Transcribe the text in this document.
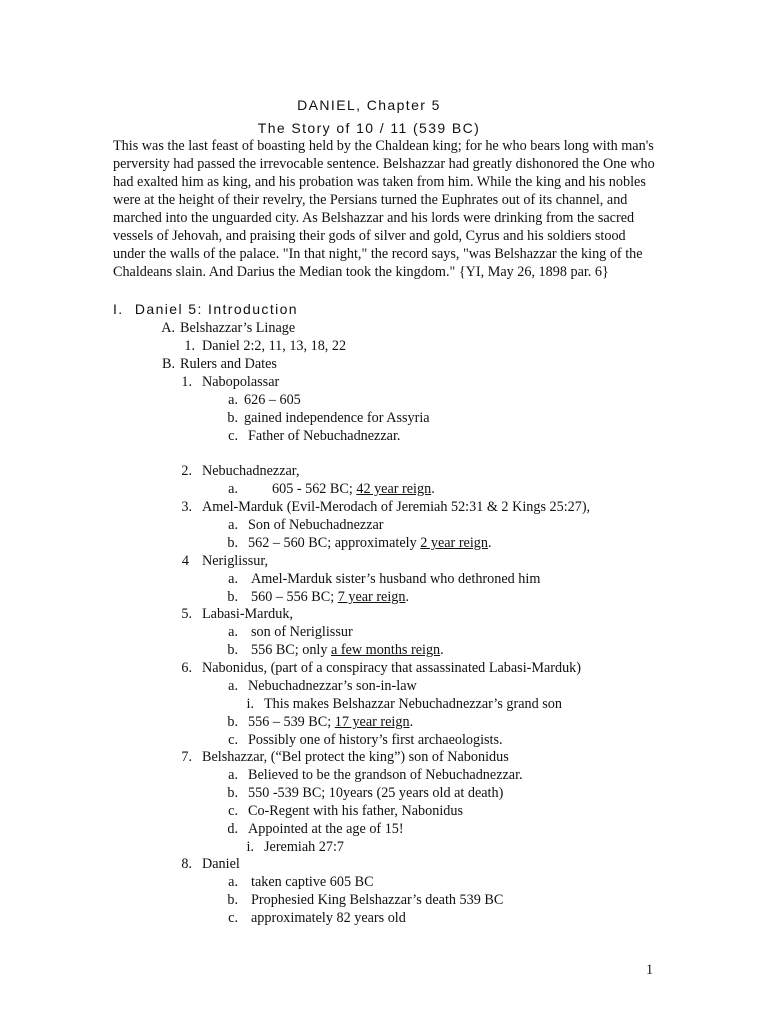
DANIEL, Chapter 5
The Story of 10 / 11 (539 BC)

This was the last feast of boasting held by the Chaldean king; for he who bears long with man's perversity had passed the irrevocable sentence. Belshazzar had greatly dishonored the One who had exalted him as king, and his probation was taken from him. While the king and his nobles were at the height of their revelry, the Persians turned the Euphrates out of its channel, and marched into the unguarded city. As Belshazzar and his lords were drinking from the sacred vessels of Jehovah, and praising their gods of silver and gold, Cyrus and his soldiers stood under the walls of the palace. "In that night," the record says, "was Belshazzar the king of the Chaldeans slain. And Darius the Median took the kingdom." {YI, May 26, 1898 par. 6}

I. Daniel 5: Introduction
A. Belshazzar’s Linage
1. Daniel 2:2, 11, 13, 18, 22
B. Rulers and Dates
1. Nabopolassar
a. 626 – 605
b. gained independence for Assyria
c. Father of Nebuchadnezzar.
2. Nebuchadnezzar,
a. 605 - 562 BC; 42 year reign.
3. Amel-Marduk (Evil-Merodach of Jeremiah 52:31 & 2 Kings 25:27),
a. Son of Nebuchadnezzar
b. 562 – 560 BC; approximately 2 year reign.
4 Neriglissur,
a. Amel-Marduk sister’s husband who dethroned him
b. 560 – 556 BC; 7 year reign.
5. Labasi-Marduk,
a. son of Neriglissur
b. 556 BC; only a few months reign.
6. Nabonidus, (part of a conspiracy that assassinated Labasi-Marduk)
a. Nebuchadnezzar’s son-in-law
i. This makes Belshazzar Nebuchadnezzar’s grand son
b. 556 – 539 BC; 17 year reign.
c. Possibly one of history’s first archaeologists.
7. Belshazzar, (“Bel protect the king”) son of Nabonidus
a. Believed to be the grandson of Nebuchadnezzar.
b. 550 -539 BC; 10years (25 years old at death)
c. Co-Regent with his father, Nabonidus
d. Appointed at the age of 15!
i. Jeremiah 27:7
8. Daniel
a. taken captive 605 BC
b. Prophesied King Belshazzar’s death 539 BC
c. approximately 82 years old
1
